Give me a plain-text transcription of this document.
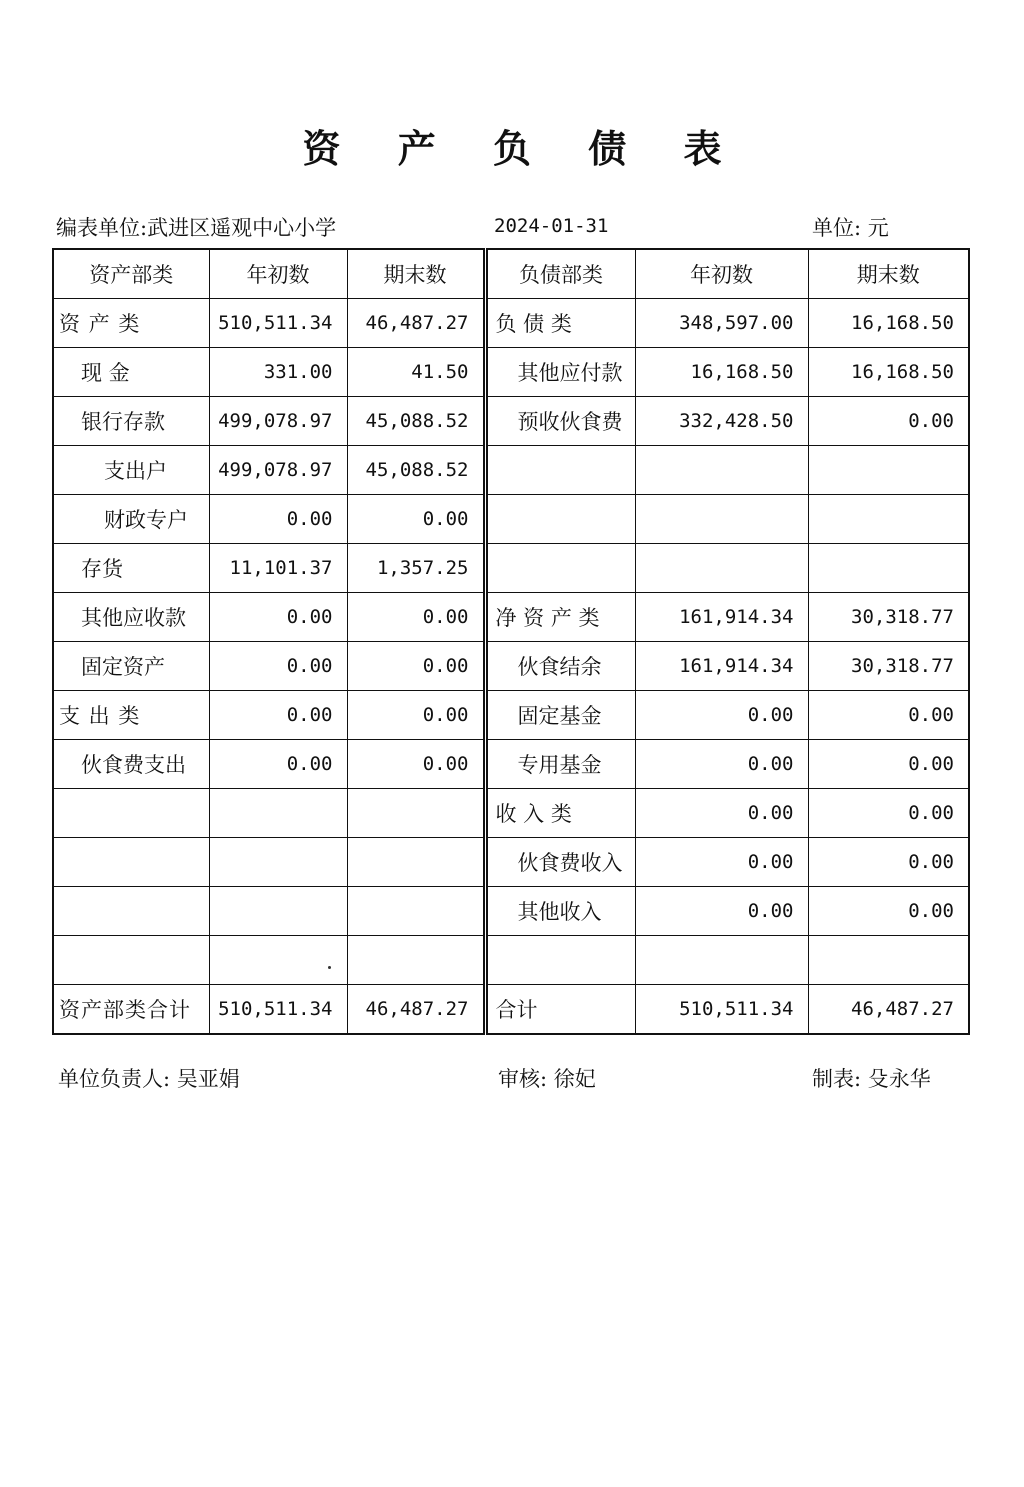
资 产 负 债 表
编表单位:武进区遥观中心小学	2024-01-31	单位: 元
资产部类	年初数	期末数	负债部类	年初数	期末数
资 产 类	510,511.34	46,487.27	负 债 类	348,597.00	16,168.50
现 金	331.00	41.50	其他应付款	16,168.50	16,168.50
银行存款	499,078.97	45,088.52	预收伙食费	332,428.50	0.00
支出户	499,078.97	45,088.52			
财政专户	0.00	0.00			
存货	11,101.37	1,357.25			
其他应收款	0.00	0.00	净 资 产 类	161,914.34	30,318.77
固定资产	0.00	0.00	伙食结余	161,914.34	30,318.77
支 出 类	0.00	0.00	固定基金	0.00	0.00
伙食费支出	0.00	0.00	专用基金	0.00	0.00
			收 入 类	0.00	0.00
			伙食费收入	0.00	0.00
			其他收入	0.00	0.00

资产部类合计	510,511.34	46,487.27	合计	510,511.34	46,487.27
单位负责人: 吴亚娟	审核: 徐妃	制表: 殳永华
